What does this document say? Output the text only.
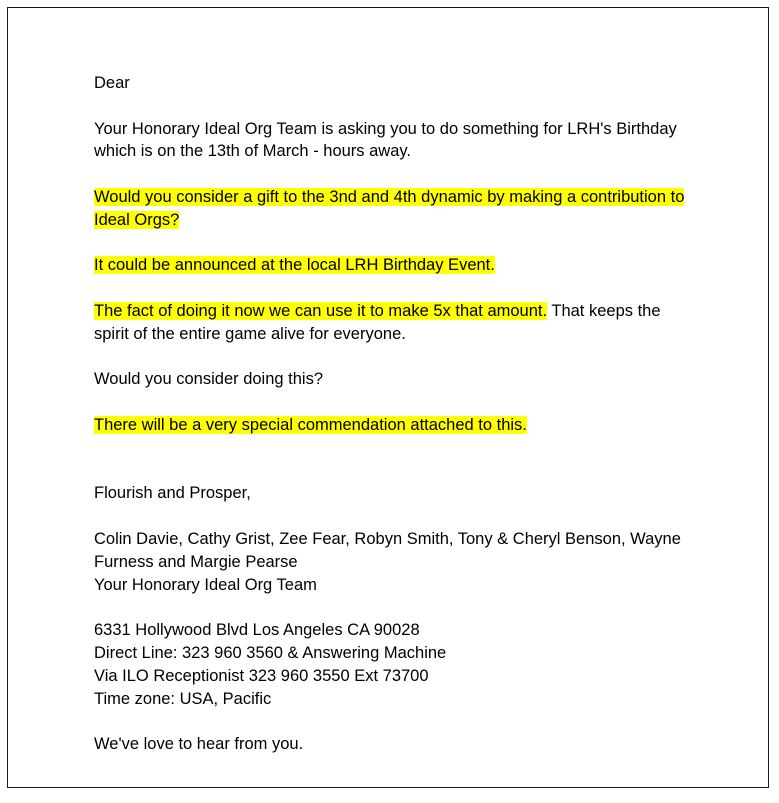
Dear

Your Honorary Ideal Org Team is asking you to do something for LRH's Birthday

which is on the 13th of March - hours away.

Would you consider a gift to the 3nd and 4th dynamic by making a contribution to

Ideal Orgs?

It could be announced at the local LRH Birthday Event.

The fact of doing it now we can use it to make 5x that amount. That keeps the

spirit of the entire game alive for everyone.

Would you consider doing this?

There will be a very special commendation attached to this.

Flourish and Prosper,

Colin Davie, Cathy Grist, Zee Fear, Robyn Smith, Tony & Cheryl Benson, Wayne

Furness and Margie Pearse

Your Honorary Ideal Org Team

6331 Hollywood Blvd Los Angeles CA 90028

Direct Line: 323 960 3560 & Answering Machine

Via ILO Receptionist 323 960 3550 Ext 73700

Time zone: USA, Pacific

We've love to hear from you.
